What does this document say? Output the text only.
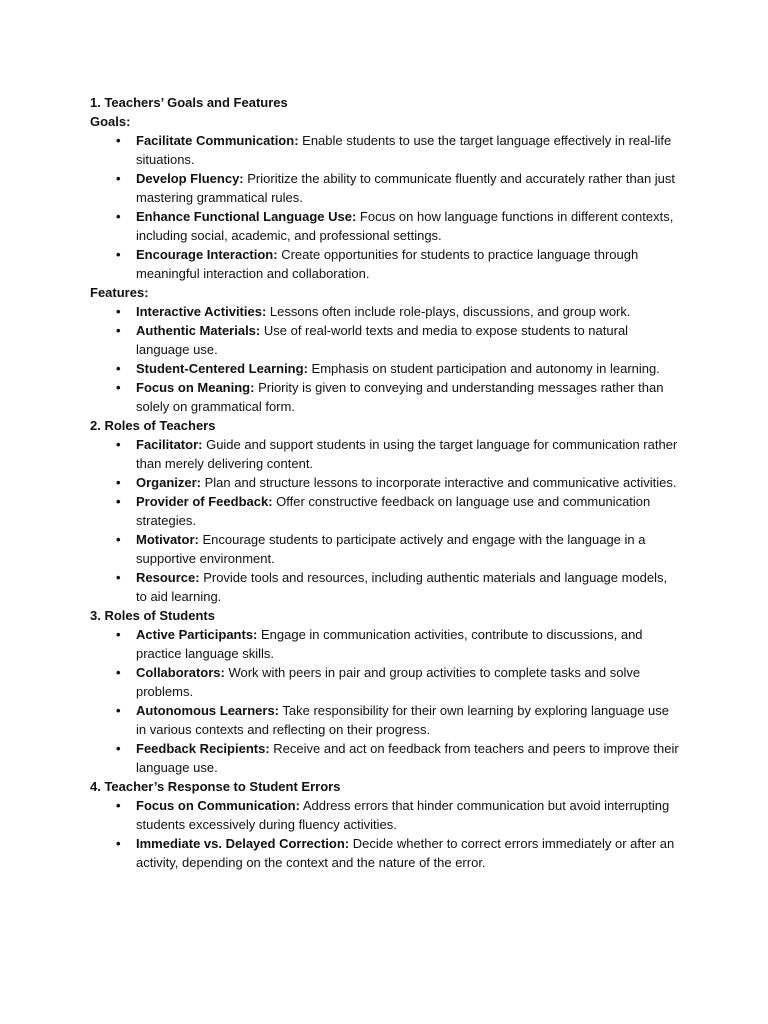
1. Teachers’ Goals and Features

Goals:

• Facilitate Communication: Enable students to use the target language effectively in real-life situations.
• Develop Fluency: Prioritize the ability to communicate fluently and accurately rather than just mastering grammatical rules.
• Enhance Functional Language Use: Focus on how language functions in different contexts, including social, academic, and professional settings.
• Encourage Interaction: Create opportunities for students to practice language through meaningful interaction and collaboration.

Features:

• Interactive Activities: Lessons often include role-plays, discussions, and group work.
• Authentic Materials: Use of real-world texts and media to expose students to natural language use.
• Student-Centered Learning: Emphasis on student participation and autonomy in learning.
• Focus on Meaning: Priority is given to conveying and understanding messages rather than solely on grammatical form.

2. Roles of Teachers

• Facilitator: Guide and support students in using the target language for communication rather than merely delivering content.
• Organizer: Plan and structure lessons to incorporate interactive and communicative activities.
• Provider of Feedback: Offer constructive feedback on language use and communication strategies.
• Motivator: Encourage students to participate actively and engage with the language in a supportive environment.
• Resource: Provide tools and resources, including authentic materials and language models, to aid learning.

3. Roles of Students

• Active Participants: Engage in communication activities, contribute to discussions, and practice language skills.
• Collaborators: Work with peers in pair and group activities to complete tasks and solve problems.
• Autonomous Learners: Take responsibility for their own learning by exploring language use in various contexts and reflecting on their progress.
• Feedback Recipients: Receive and act on feedback from teachers and peers to improve their language use.

4. Teacher’s Response to Student Errors

• Focus on Communication: Address errors that hinder communication but avoid interrupting students excessively during fluency activities.
• Immediate vs. Delayed Correction: Decide whether to correct errors immediately or after an activity, depending on the context and the nature of the error.
